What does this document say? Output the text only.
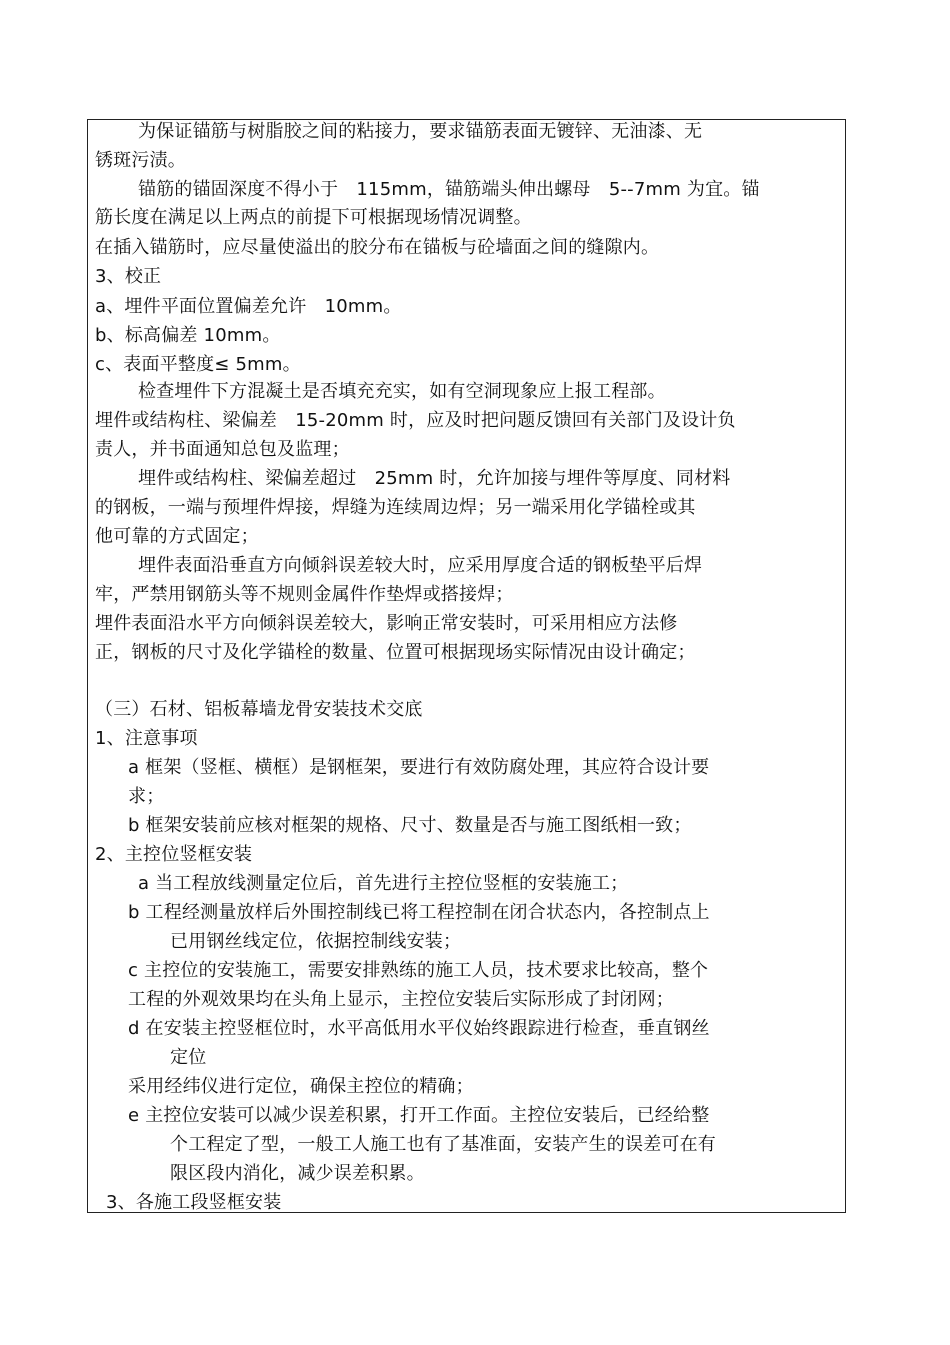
为保证锚筋与树脂胶之间的粘接力，要求锚筋表面无镀锌、无油漆、无
锈斑污渍。
锚筋的锚固深度不得小于　115mm，锚筋端头伸出螺母　5--7mm 为宜。锚
筋长度在满足以上两点的前提下可根据现场情况调整。
在插入锚筋时，应尽量使溢出的胶分布在锚板与砼墙面之间的缝隙内。
3、校正
a、埋件平面位置偏差允许　10mm。
b、标高偏差 10mm。
c、表面平整度≤ 5mm。
检查埋件下方混凝土是否填充充实，如有空洞现象应上报工程部。
埋件或结构柱、梁偏差　15-20mm 时，应及时把问题反馈回有关部门及设计负
责人，并书面通知总包及监理；
埋件或结构柱、梁偏差超过　25mm 时，允许加接与埋件等厚度、同材料
的钢板，一端与预埋件焊接，焊缝为连续周边焊；另一端采用化学锚栓或其
他可靠的方式固定；
埋件表面沿垂直方向倾斜误差较大时，应采用厚度合适的钢板垫平后焊
牢，严禁用钢筋头等不规则金属件作垫焊或搭接焊；
埋件表面沿水平方向倾斜误差较大，影响正常安装时，可采用相应方法修
正，钢板的尺寸及化学锚栓的数量、位置可根据现场实际情况由设计确定；
（三）石材、铝板幕墙龙骨安装技术交底
1、注意事项
a 框架（竖框、横框）是钢框架，要进行有效防腐处理，其应符合设计要
求；
b 框架安装前应核对框架的规格、尺寸、数量是否与施工图纸相一致；
2、主控位竖框安装
a 当工程放线测量定位后，首先进行主控位竖框的安装施工；
b 工程经测量放样后外围控制线已将工程控制在闭合状态内，各控制点上
已用钢丝线定位，依据控制线安装；
c 主控位的安装施工，需要安排熟练的施工人员，技术要求比较高，整个
工程的外观效果均在头角上显示，主控位安装后实际形成了封闭网；
d 在安装主控竖框位时，水平高低用水平仪始终跟踪进行检查，垂直钢丝
定位
采用经纬仪进行定位，确保主控位的精确；
e 主控位安装可以减少误差积累，打开工作面。主控位安装后，已经给整
个工程定了型，一般工人施工也有了基准面，安装产生的误差可在有
限区段内消化，减少误差积累。
3、各施工段竖框安装
